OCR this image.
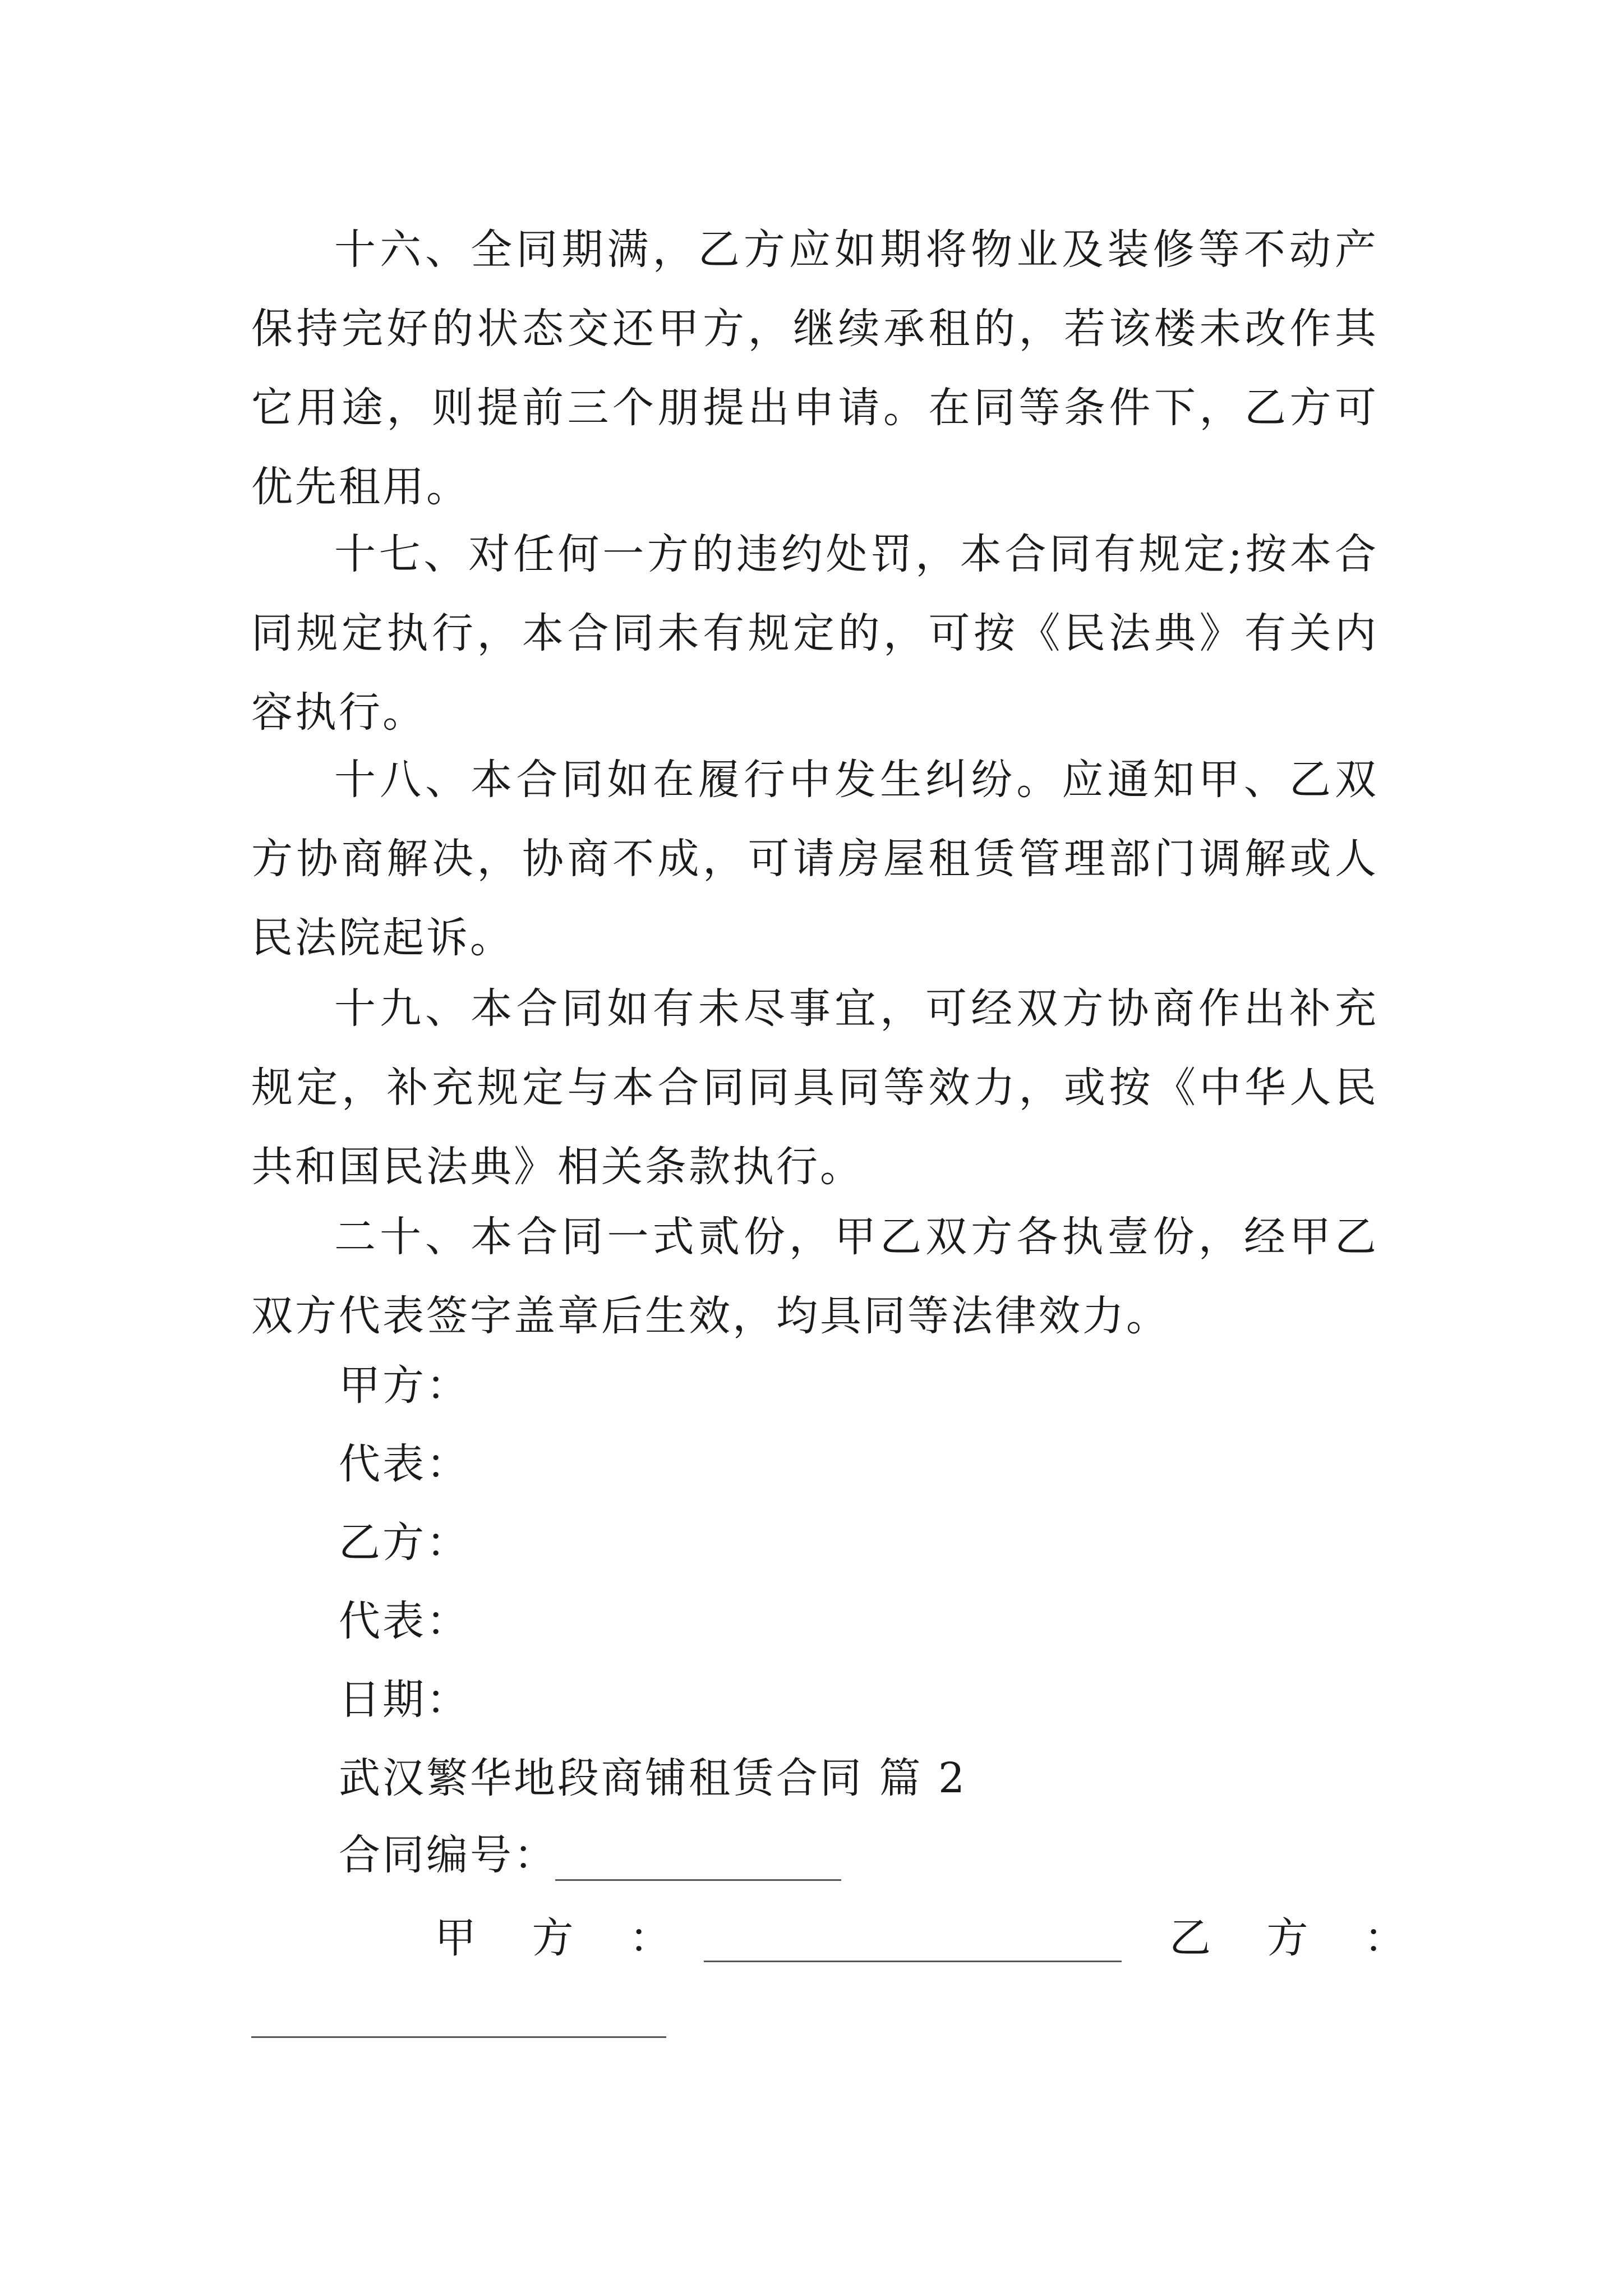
十六、全同期满，乙方应如期将物业及装修等不动产保持完好的状态交还甲方，继续承租的，若该楼未改作其它用途，则提前三个朋提出申请。在同等条件下，乙方可优先租用。

十七、对任何一方的违约处罚，本合同有规定;按本合同规定执行，本合同未有规定的，可按《民法典》有关内容执行。

十八、本合同如在履行中发生纠纷。应通知甲、乙双方协商解决，协商不成，可请房屋租赁管理部门调解或人民法院起诉。

十九、本合同如有未尽事宜，可经双方协商作出补充规定，补充规定与本合同同具同等效力，或按《中华人民共和国民法典》相关条款执行。

二十、本合同一式贰份，甲乙双方各执壹份，经甲乙双方代表签字盖章后生效，均具同等法律效力。

甲方：

代表：

乙方：

代表：

日期：

武汉繁华地段商铺租赁合同 篇 2

合同编号：

甲 方 ：	乙 方 ：
